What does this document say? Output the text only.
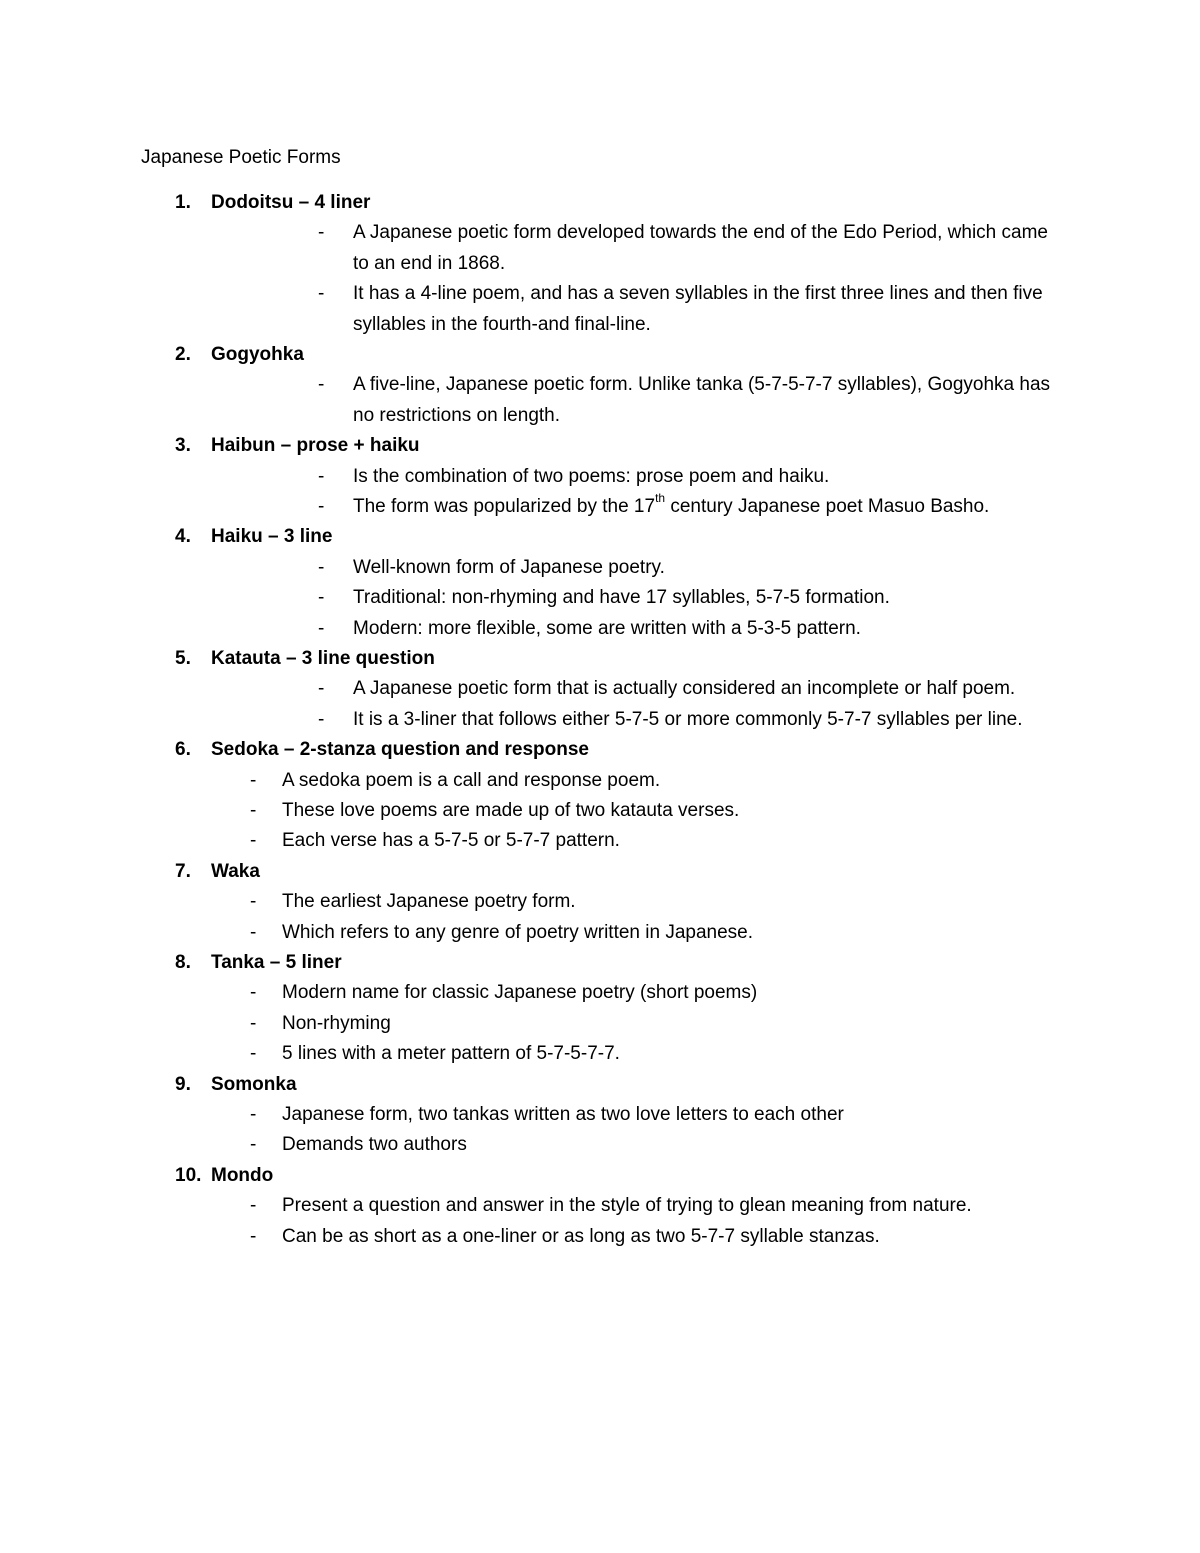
Japanese Poetic Forms
1. Dodoitsu – 4 liner
- A Japanese poetic form developed towards the end of the Edo Period, which came to an end in 1868.
- It has a 4-line poem, and has a seven syllables in the first three lines and then five syllables in the fourth-and final-line.
2. Gogyohka
- A five-line, Japanese poetic form. Unlike tanka (5-7-5-7-7 syllables), Gogyohka has no restrictions on length.
3. Haibun – prose + haiku
- Is the combination of two poems: prose poem and haiku.
- The form was popularized by the 17th century Japanese poet Masuo Basho.
4. Haiku – 3 line
- Well-known form of Japanese poetry.
- Traditional: non-rhyming and have 17 syllables, 5-7-5 formation.
- Modern: more flexible, some are written with a 5-3-5 pattern.
5. Katauta – 3 line question
- A Japanese poetic form that is actually considered an incomplete or half poem.
- It is a 3-liner that follows either 5-7-5 or more commonly 5-7-7 syllables per line.
6. Sedoka – 2-stanza question and response
- A sedoka poem is a call and response poem.
- These love poems are made up of two katauta verses.
- Each verse has a 5-7-5 or 5-7-7 pattern.
7. Waka
- The earliest Japanese poetry form.
- Which refers to any genre of poetry written in Japanese.
8. Tanka – 5 liner
- Modern name for classic Japanese poetry (short poems)
- Non-rhyming
- 5 lines with a meter pattern of 5-7-5-7-7.
9. Somonka
- Japanese form, two tankas written as two love letters to each other
- Demands two authors
10. Mondo
- Present a question and answer in the style of trying to glean meaning from nature.
- Can be as short as a one-liner or as long as two 5-7-7 syllable stanzas.
